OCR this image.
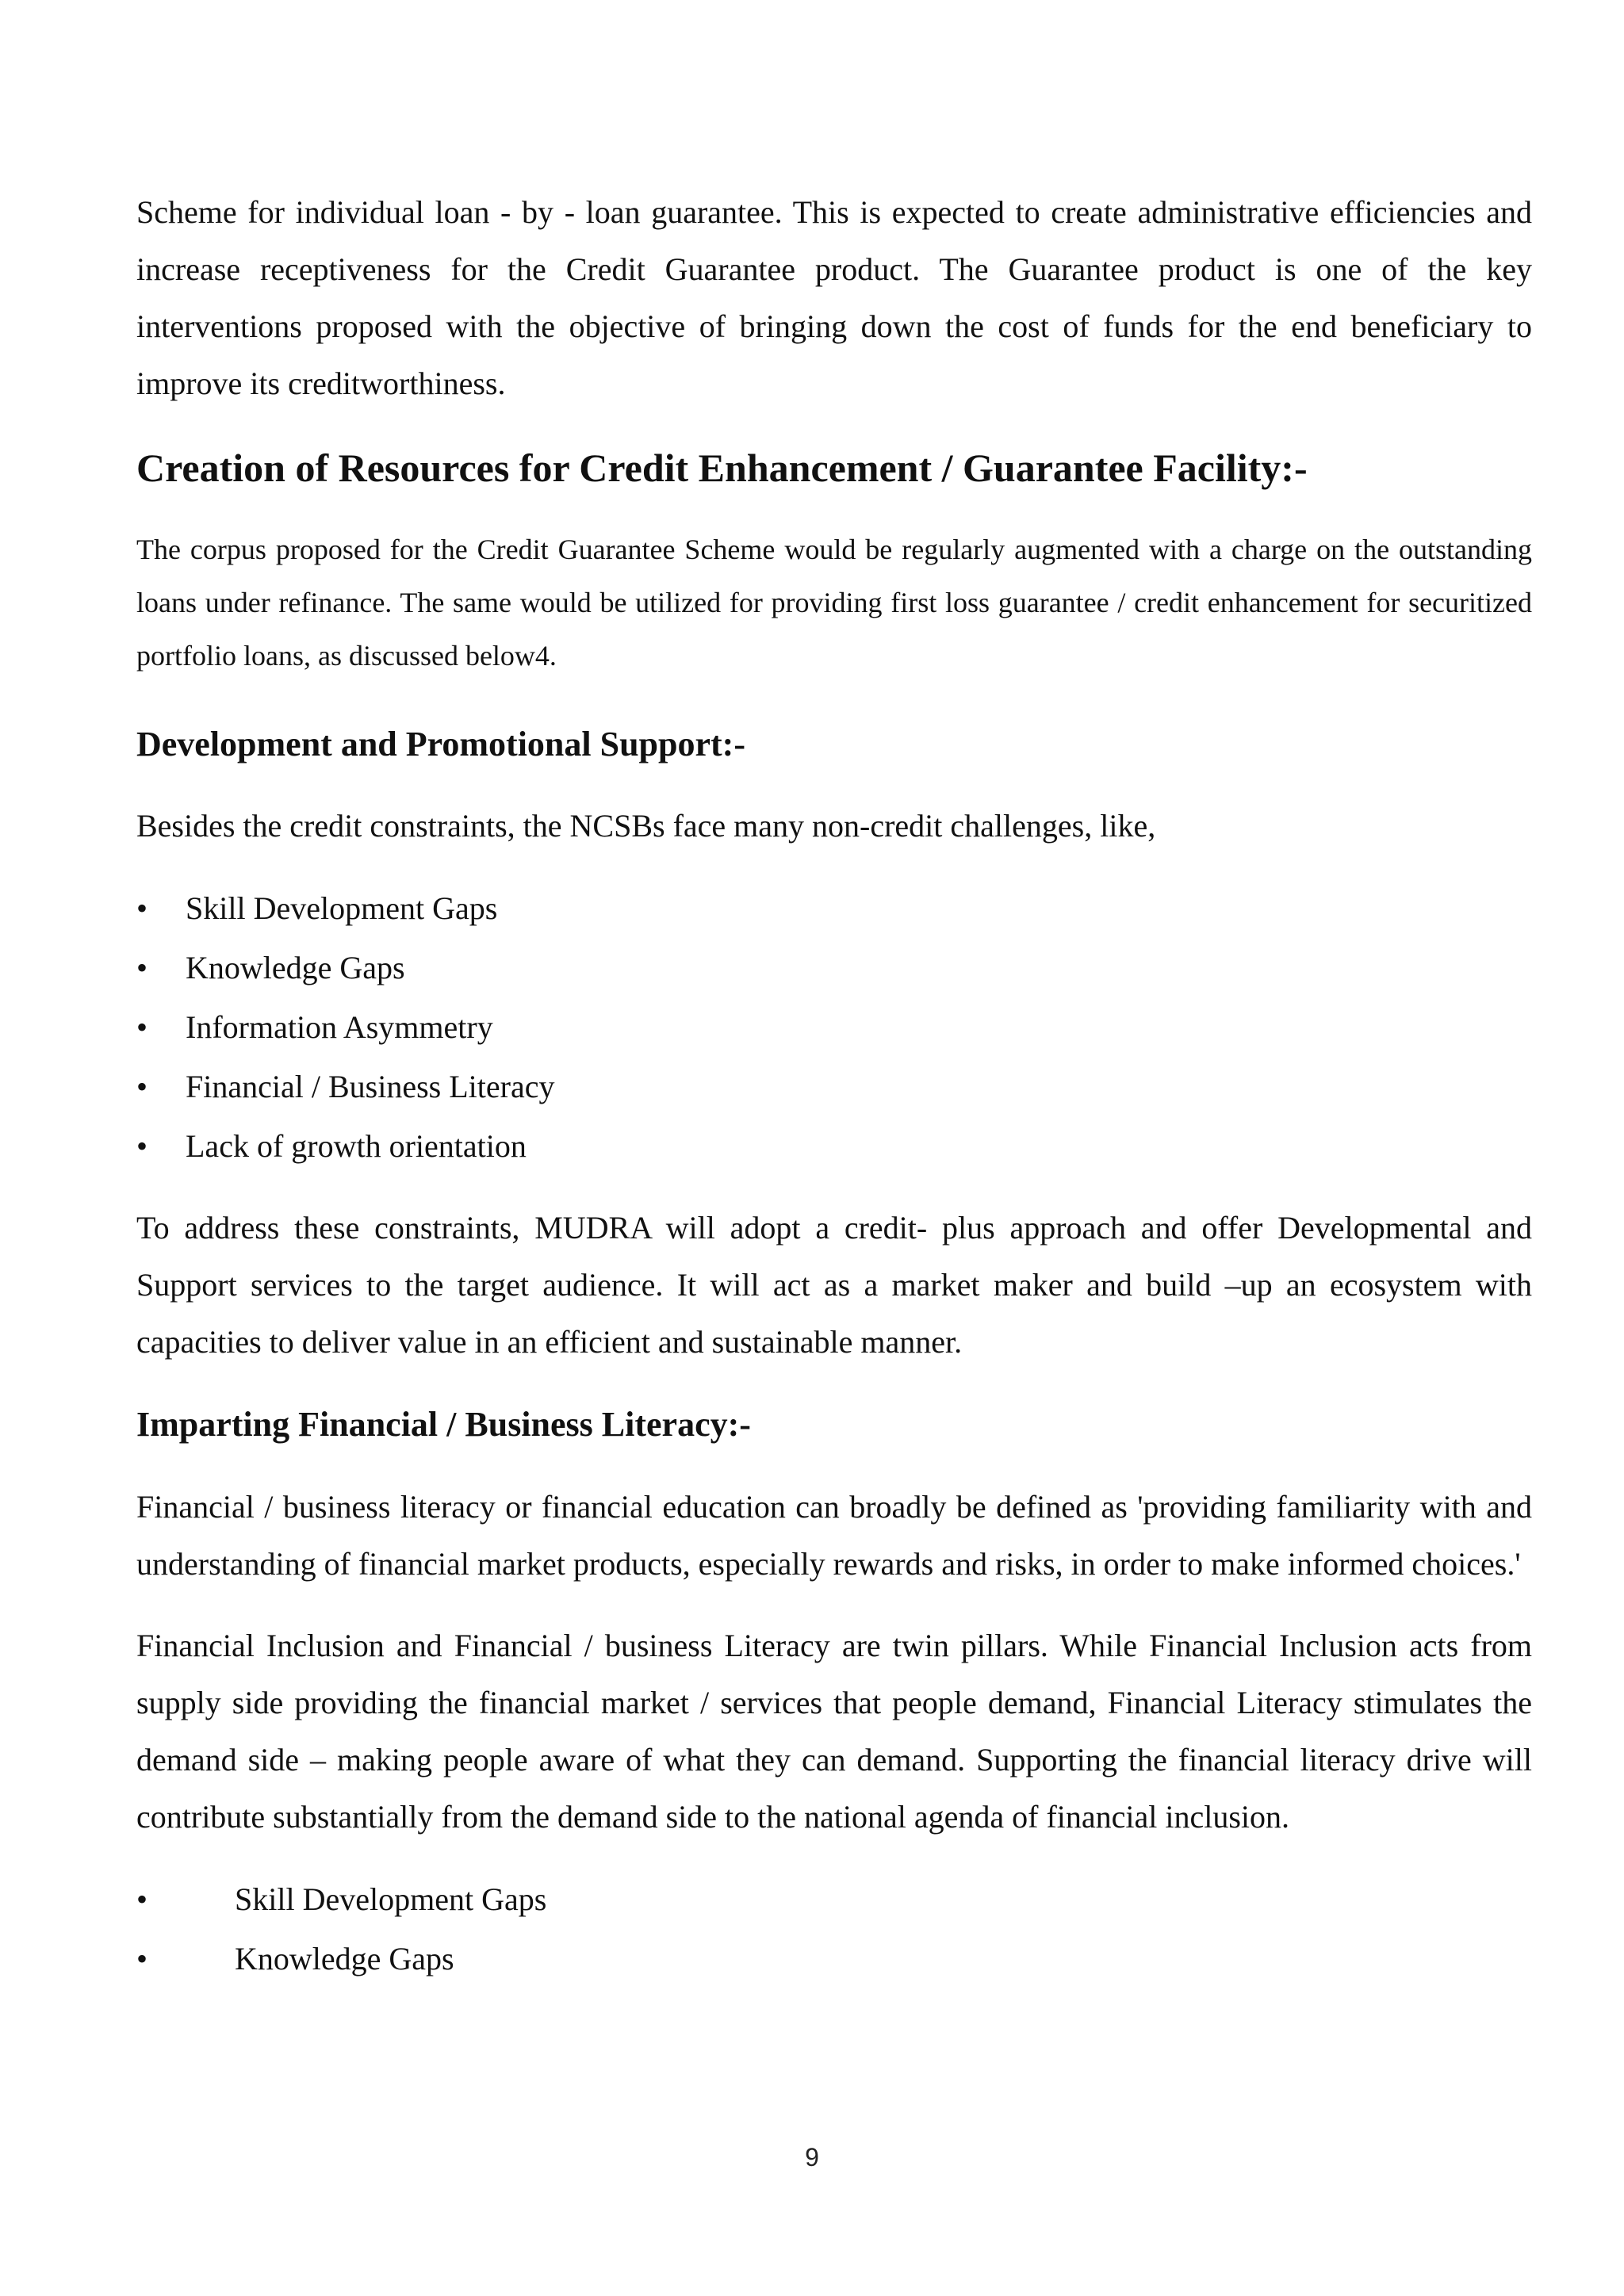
Scheme for individual loan - by - loan guarantee. This is expected to create administrative efficiencies and increase receptiveness for the Credit Guarantee product. The Guarantee product is one of the key interventions proposed with the objective of bringing down the cost of funds for the end beneficiary to improve its creditworthiness.

Creation of Resources for Credit Enhancement / Guarantee Facility:-

The corpus proposed for the Credit Guarantee Scheme would be regularly augmented with a charge on the outstanding loans under refinance. The same would be utilized for providing first loss guarantee / credit enhancement for securitized portfolio loans, as discussed below4.

Development and Promotional Support:-

Besides the credit constraints, the NCSBs face many non-credit challenges, like,

• Skill Development Gaps
• Knowledge Gaps
• Information Asymmetry
• Financial / Business Literacy
• Lack of growth orientation

To address these constraints, MUDRA will adopt a credit- plus approach and offer Developmental and Support services to the target audience. It will act as a market maker and build –up an ecosystem with capacities to deliver value in an efficient and sustainable manner.

Imparting Financial / Business Literacy:-

Financial / business literacy or financial education can broadly be defined as 'providing familiarity with and understanding of financial market products, especially rewards and risks, in order to make informed choices.'

Financial Inclusion and Financial / business Literacy are twin pillars. While Financial Inclusion acts from supply side providing the financial market / services that people demand, Financial Literacy stimulates the demand side – making people aware of what they can demand. Supporting the financial literacy drive will contribute substantially from the demand side to the national agenda of financial inclusion.

•	Skill Development Gaps
•	Knowledge Gaps
9
